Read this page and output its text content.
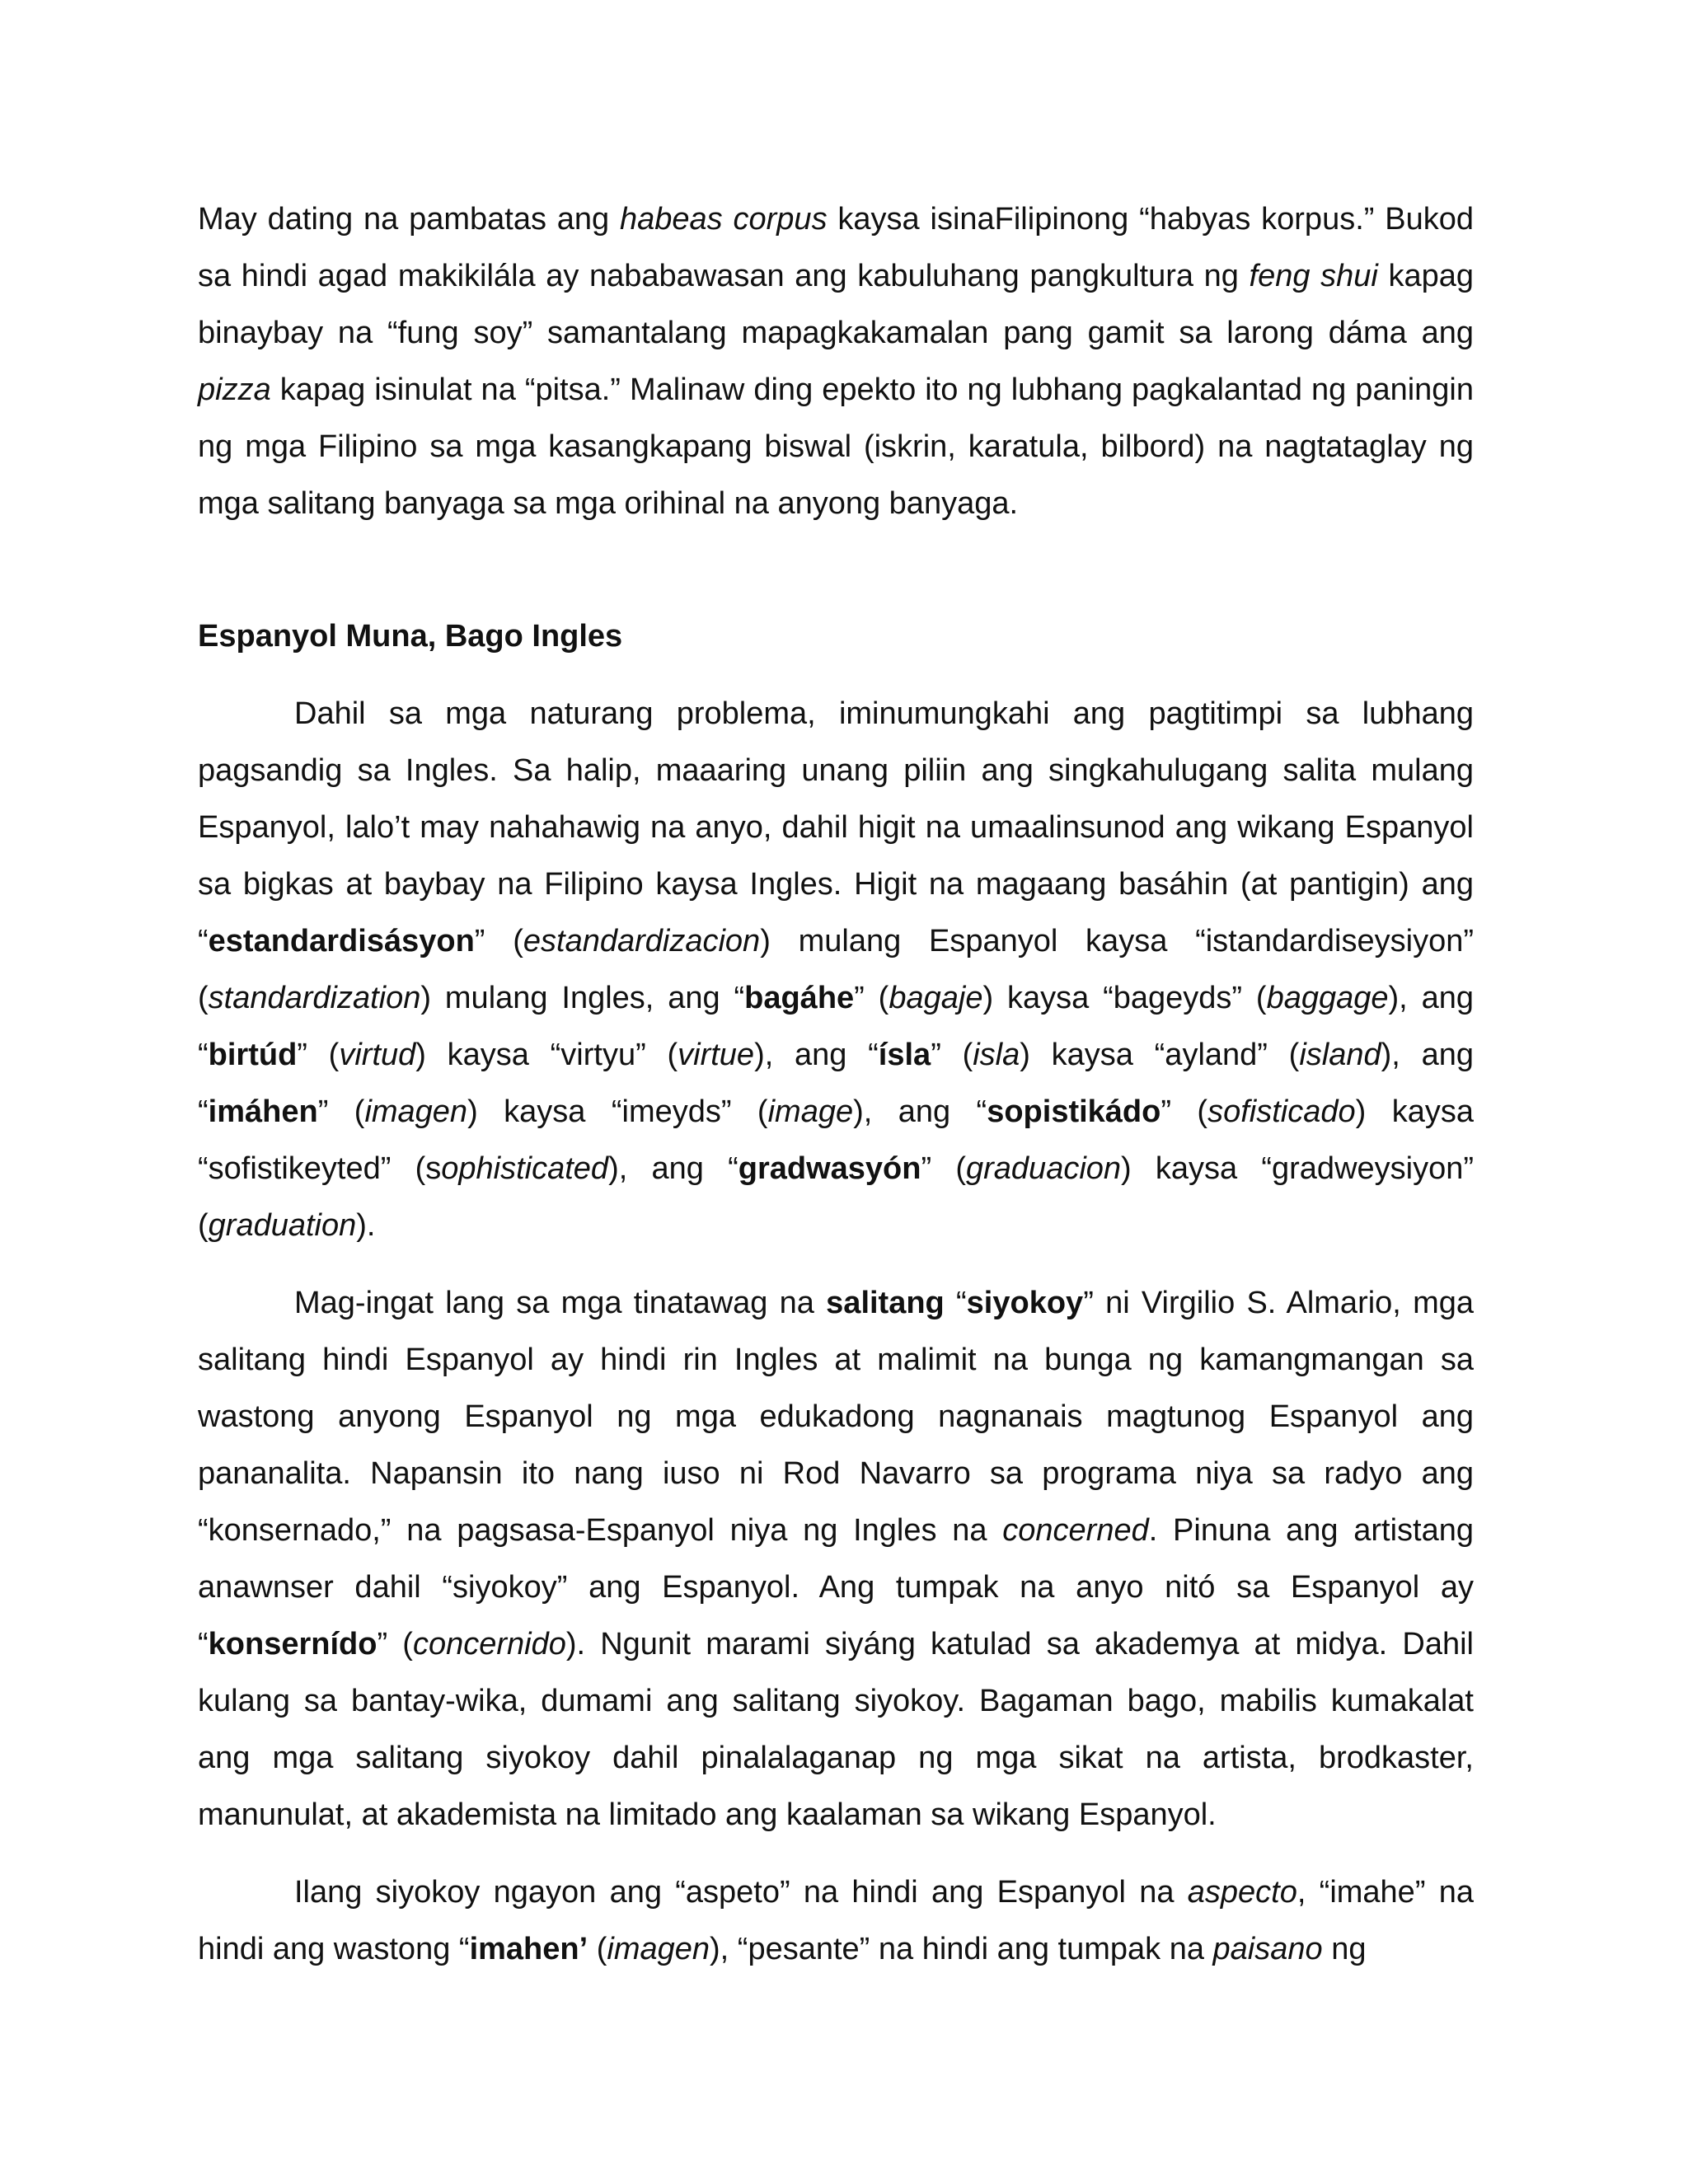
May dating na pambatas ang habeas corpus kaysa isinaFilipinong “habyas korpus.” Bukod sa hindi agad makikilála ay nababawasan ang kabuluhang pangkultura ng feng shui kapag binaybay na “fung soy” samantalang mapagkakamalan pang gamit sa larong dáma ang pizza kapag isinulat na “pitsa.” Malinaw ding epekto ito ng lubhang pagkalantad ng paningin ng mga Filipino sa mga kasangkapang biswal (iskrin, karatula, bilbord) na nagtataglay ng mga salitang banyaga sa mga orihinal na anyong banyaga.

Espanyol Muna, Bago Ingles

Dahil sa mga naturang problema, iminumungkahi ang pagtitimpi sa lubhang pagsandig sa Ingles. Sa halip, maaaring unang piliin ang singkahulugang salita mulang Espanyol, lalo’t may nahahawig na anyo, dahil higit na umaalinsunod ang wikang Espanyol sa bigkas at baybay na Filipino kaysa Ingles. Higit na magaang basáhin (at pantigin) ang “estandardisásyon” (estandardizacion) mulang Espanyol kaysa “istandardiseysiyon” (standardization) mulang Ingles, ang “bagáhe” (bagaje) kaysa “bageyds” (baggage), ang “birtúd” (virtud) kaysa “virtyu” (virtue), ang “ísla” (isla) kaysa “ayland” (island), ang “imáhen” (imagen) kaysa “imeyds” (image), ang “sopistikádo” (sofisticado) kaysa “sofistikeyted” (sophisticated), ang “gradwasyón” (graduacion) kaysa “gradweysiyon” (graduation).

Mag-ingat lang sa mga tinatawag na salitang “siyokoy” ni Virgilio S. Almario, mga salitang hindi Espanyol ay hindi rin Ingles at malimit na bunga ng kamangmangan sa wastong anyong Espanyol ng mga edukadong nagnanais magtunog Espanyol ang pananalita. Napansin ito nang iuso ni Rod Navarro sa programa niya sa radyo ang “konsernado,” na pagsasa-Espanyol niya ng Ingles na concerned. Pinuna ang artistang anawnser dahil “siyokoy” ang Espanyol. Ang tumpak na anyo nitó sa Espanyol ay “konsernído” (concernido). Ngunit marami siyáng katulad sa akademya at midya. Dahil kulang sa bantay-wika, dumami ang salitang siyokoy. Bagaman bago, mabilis kumakalat ang mga salitang siyokoy dahil pinalalaganap ng mga sikat na artista, brodkaster, manunulat, at akademista na limitado ang kaalaman sa wikang Espanyol.

Ilang siyokoy ngayon ang “aspeto” na hindi ang Espanyol na aspecto, “imahe” na hindi ang wastong “imahen’ (imagen), “pesante” na hindi ang tumpak na paisano ng
